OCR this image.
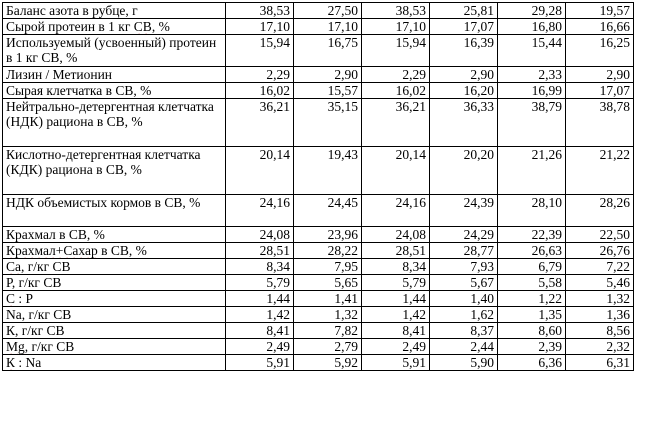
Баланс азота в рубце, г	38,53	27,50	38,53	25,81	29,28	19,57
Сырой протеин в 1 кг СВ, %	17,10	17,10	17,10	17,07	16,80	16,66
Используемый (усвоенный) протеин в 1 кг СВ, %	15,94	16,75	15,94	16,39	15,44	16,25
Лизин / Метионин	2,29	2,90	2,29	2,90	2,33	2,90
Сырая клетчатка в СВ, %	16,02	15,57	16,02	16,20	16,99	17,07
Нейтрально-детергентная клетчатка (НДК) рациона в СВ, %	36,21	35,15	36,21	36,33	38,79	38,78
Кислотно-детергентная клетчатка (КДК) рациона в СВ, %	20,14	19,43	20,14	20,20	21,26	21,22
НДК объемистых кормов в СВ, %	24,16	24,45	24,16	24,39	28,10	28,26
Крахмал в СВ, %	24,08	23,96	24,08	24,29	22,39	22,50
Крахмал+Сахар в СВ, %	28,51	28,22	28,51	28,77	26,63	26,76
Са, г/кг СВ	8,34	7,95	8,34	7,93	6,79	7,22
Р, г/кг СВ	5,79	5,65	5,79	5,67	5,58	5,46
С : Р	1,44	1,41	1,44	1,40	1,22	1,32
Na, г/кг СВ	1,42	1,32	1,42	1,62	1,35	1,36
К, г/кг СВ	8,41	7,82	8,41	8,37	8,60	8,56
Mg, г/кг СВ	2,49	2,79	2,49	2,44	2,39	2,32
К : Na	5,91	5,92	5,91	5,90	6,36	6,31
